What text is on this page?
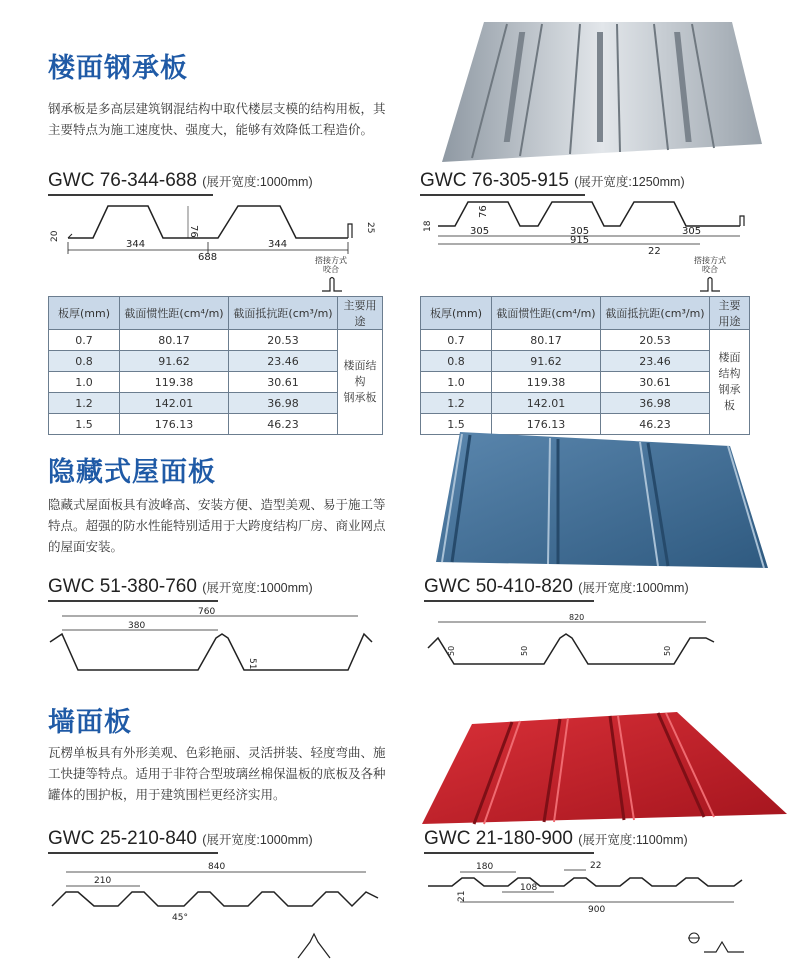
楼面钢承板
钢承板是多高层建筑钢混结构中取代楼层支模的结构用板，其主要特点为施工速度快、强度大，能够有效降低工程造价。
GWC 76-344-688 (展开宽度:1000mm)
76
20
25
344	344
688	搭接方式
咬合
GWC 76-305-915 (展开宽度:1250mm)
18
76
305	305	305
915
22
搭接方式
咬合
板厚(mm)	截面惯性距(cm⁴/m)	截面抵抗距(cm³/m)	主要用途
0.7	80.17	20.53	楼面结构
钢承板

0.8	91.62	23.46	
1.0	119.38	30.61	
1.2	142.01	36.98	
1.5	176.13	46.23	
板厚(mm)	截面惯性距(cm⁴/m)	截面抵抗距(cm³/m)	主要用途
0.7	80.17	20.53	楼面结构
钢承板

0.8	91.62	23.46	
1.0	119.38	30.61	
1.2	142.01	36.98	
1.5	176.13	46.23	
隐藏式屋面板
隐藏式屋面板具有波峰高、安装方便、造型美观、易于施工等特点。超强的防水性能特别适用于大跨度结构厂房、商业网点的屋面安装。
GWC 51-380-760 (展开宽度:1000mm)
760
380
51
GWC 50-410-820 (展开宽度:1000mm)
820
50	50	50
墙面板
瓦楞单板具有外形美观、色彩艳丽、灵活拼装、轻度弯曲、施工快捷等特点。适用于非符合型玻璃丝棉保温板的底板及各种罐体的围护板，用于建筑围栏更经济实用。
GWC 25-210-840 (展开宽度:1000mm)
840
210
45°
GWC 21-180-900 (展开宽度:1100mm)
180	22
108
21
900
